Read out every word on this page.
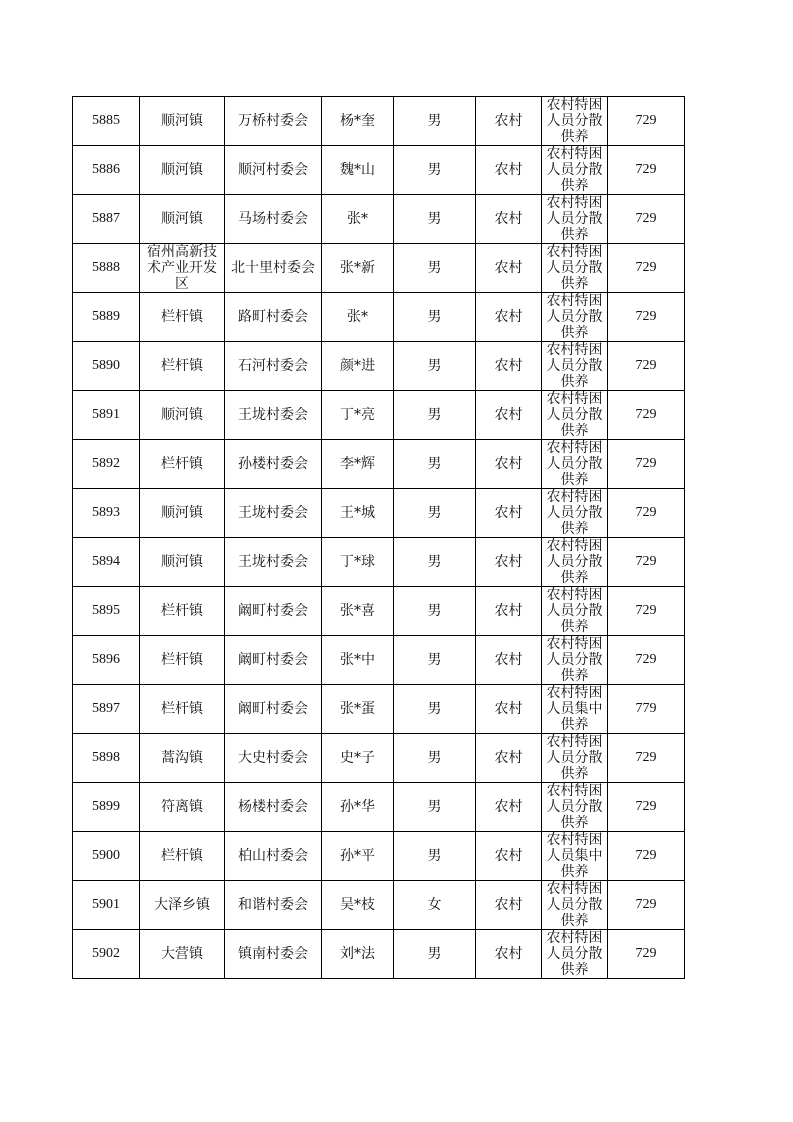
5885	顺河镇	万桥村委会	杨*奎	男	农村	农村特困人员分散供养	729
5886	顺河镇	顺河村委会	魏*山	男	农村	农村特困人员分散供养	729
5887	顺河镇	马场村委会	张*	男	农村	农村特困人员分散供养	729
5888	宿州高新技术产业开发区	北十里村委会	张*新	男	农村	农村特困人员分散供养	729
5889	栏杆镇	路町村委会	张*	男	农村	农村特困人员分散供养	729
5890	栏杆镇	石河村委会	颜*进	男	农村	农村特困人员分散供养	729
5891	顺河镇	王垅村委会	丁*亮	男	农村	农村特困人员分散供养	729
5892	栏杆镇	孙楼村委会	李*辉	男	农村	农村特困人员分散供养	729
5893	顺河镇	王垅村委会	王*城	男	农村	农村特困人员分散供养	729
5894	顺河镇	王垅村委会	丁*球	男	农村	农村特困人员分散供养	729
5895	栏杆镇	阚町村委会	张*喜	男	农村	农村特困人员分散供养	729
5896	栏杆镇	阚町村委会	张*中	男	农村	农村特困人员分散供养	729
5897	栏杆镇	阚町村委会	张*蛋	男	农村	农村特困人员集中供养	779
5898	蒿沟镇	大史村委会	史*子	男	农村	农村特困人员分散供养	729
5899	符离镇	杨楼村委会	孙*华	男	农村	农村特困人员分散供养	729
5900	栏杆镇	柏山村委会	孙*平	男	农村	农村特困人员集中供养	729
5901	大泽乡镇	和谐村委会	吴*枝	女	农村	农村特困人员分散供养	729
5902	大营镇	镇南村委会	刘*法	男	农村	农村特困人员分散供养	729
